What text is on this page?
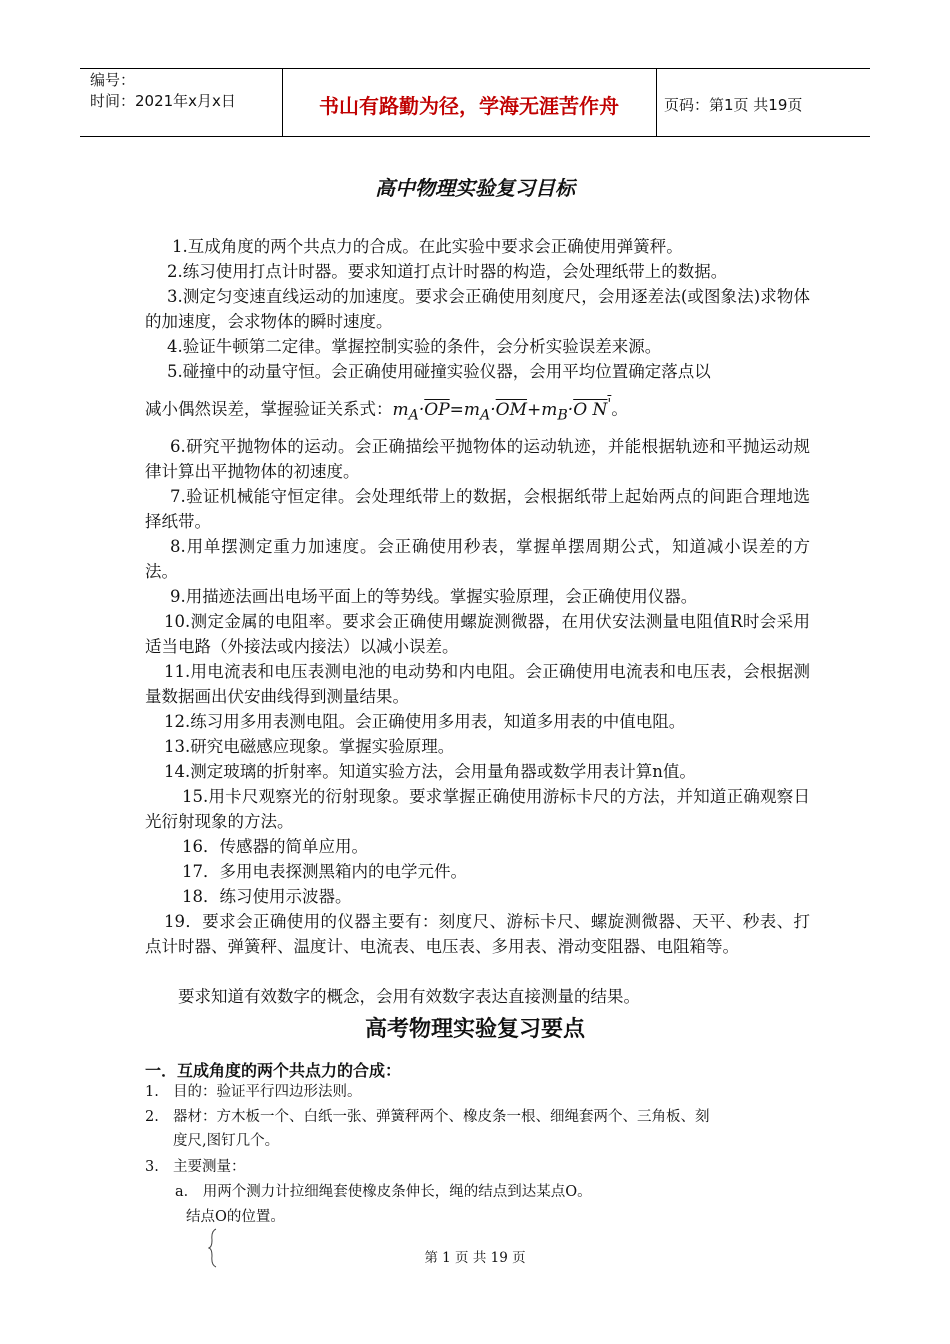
编号：
时间：2021年x月x日	书山有路勤为径，学海无涯苦作舟	页码：第1页 共19页
高中物理实验复习目标
1.互成角度的两个共点力的合成。在此实验中要求会正确使用弹簧秤。
2.练习使用打点计时器。要求知道打点计时器的构造，会处理纸带上的数据。
3.测定匀变速直线运动的加速度。要求会正确使用刻度尺，会用逐差法(或图象法)求物体的加速度，会求物体的瞬时速度。
4.验证牛顿第二定律。掌握控制实验的条件，会分析实验误差来源。
5.碰撞中的动量守恒。会正确使用碰撞实验仪器，会用平均位置确定落点以
减小偶然误差，掌握验证关系式：$m_A\cdot\overline{OP}=m_A\cdot\overline{OM}+m_B\cdot O$ N'。
6.研究平抛物体的运动。会正确描绘平抛物体的运动轨迹，并能根据轨迹和平抛运动规律计算出平抛物体的初速度。
7.验证机械能守恒定律。会处理纸带上的数据，会根据纸带上起始两点的间距合理地选择纸带。
8.用单摆测定重力加速度。会正确使用秒表，掌握单摆周期公式，知道减小误差的方法。
9.用描迹法画出电场平面上的等势线。掌握实验原理，会正确使用仪器。
10.测定金属的电阻率。要求会正确使用螺旋测微器，在用伏安法测量电阻值R时会采用适当电路（外接法或内接法）以减小误差。
11.用电流表和电压表测电池的电动势和内电阻。会正确使用电流表和电压表，会根据测量数据画出伏安曲线得到测量结果。
12.练习用多用表测电阻。会正确使用多用表，知道多用表的中值电阻。
13.研究电磁感应现象。掌握实验原理。
14.测定玻璃的折射率。知道实验方法，会用量角器或数学用表计算n值。
15.用卡尺观察光的衍射现象。要求掌握正确使用游标卡尺的方法，并知道正确观察日光衍射现象的方法。
16．传感器的简单应用。
17．多用电表探测黑箱内的电学元件。
18．练习使用示波器。
19．要求会正确使用的仪器主要有：刻度尺、游标卡尺、螺旋测微器、天平、秒表、打点计时器、弹簧秤、温度计、电流表、电压表、多用表、滑动变阻器、电阻箱等。
要求知道有效数字的概念，会用有效数字表达直接测量的结果。
高考物理实验复习要点
一．互成角度的两个共点力的合成：
1. 目的：验证平行四边形法则。
2. 器材：方木板一个、白纸一张、弹簧秤两个、橡皮条一根、细绳套两个、三角板、刻
度尺,图钉几个。
3. 主要测量：
a． 用两个测力计拉细绳套使橡皮条伸长，绳的结点到达某点O。
结点O的位置。
第 1 页 共 19 页
